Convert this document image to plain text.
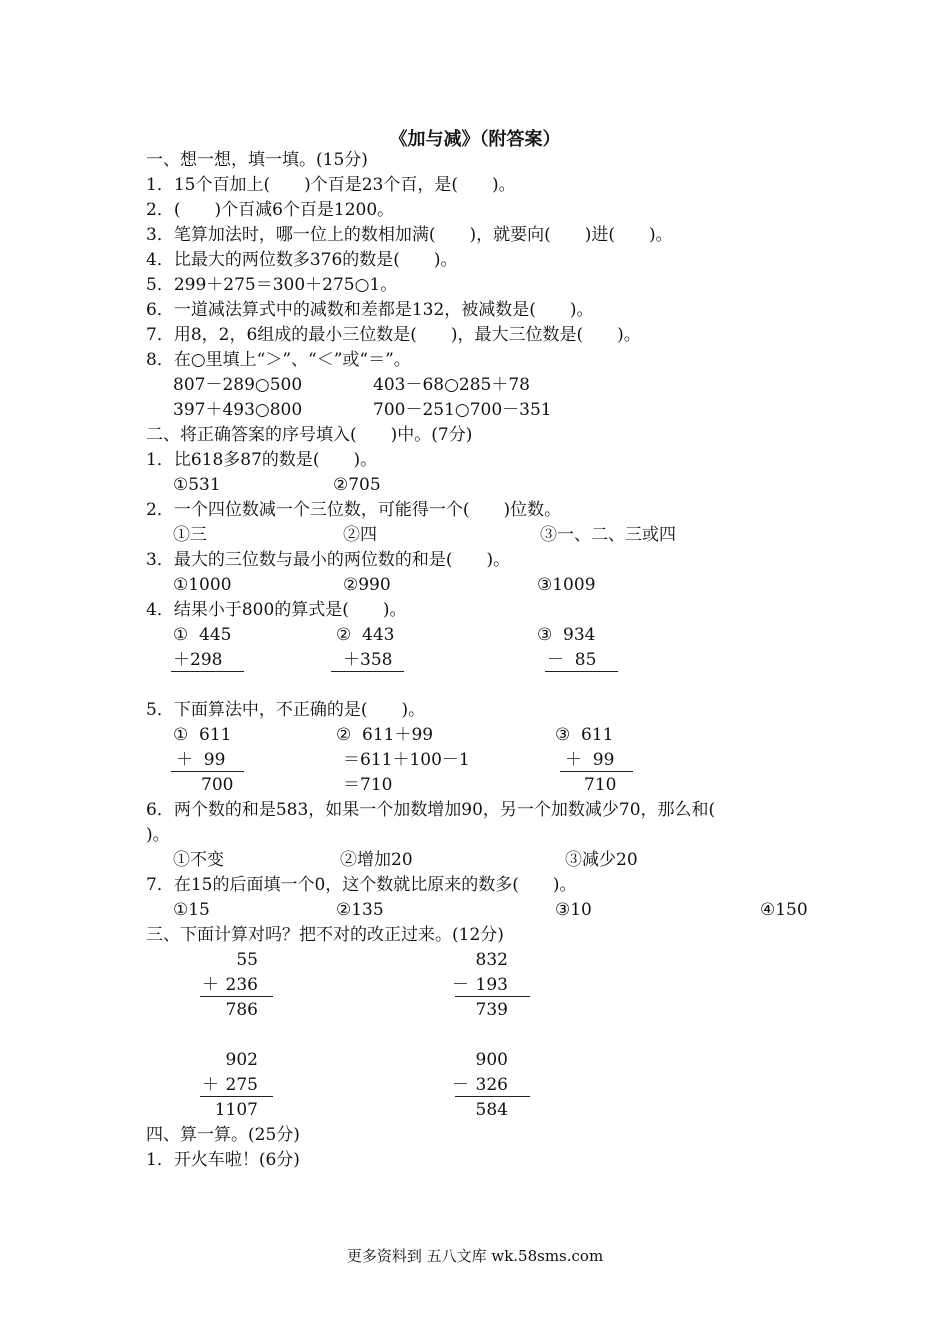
《加与减》（附答案）
一、想一想，填一填。(15分)
1．15个百加上(　　)个百是23个百，是(　　)。
2．(　　)个百减6个百是1200。
3．笔算加法时，哪一位上的数相加满(　　)，就要向(　　)进(　　)。
4．比最大的两位数多376的数是(　　)。
5．299＋275＝300＋275○1。
6．一道减法算式中的减数和差都是132，被减数是(　　)。
7．用8，2，6组成的最小三位数是(　　)，最大三位数是(　　)。
8．在○里填上“＞”、“＜”或“＝”。
807－289○500	403－68○285＋78
397＋493○800	700－251○700－351
二、将正确答案的序号填入(　　)中。(7分)
1．比618多87的数是(　　)。
①531	②705
2．一个四位数减一个三位数，可能得一个(　　)位数。
①三	②四	③一、二、三或四
3．最大的三位数与最小的两位数的和是(　　)。
①1000	②990	③1009
4．结果小于800的算式是(　　)。
①  445
＋298
②  443
＋358
③  934
－  85
5．下面算法中，不正确的是(　　)。
①  611
＋  99
700
②  611＋99
＝611＋100－1
＝710
③  611
＋  99
710
6．两个数的和是583，如果一个加数增加90，另一个加数减少70，那么和(
)。
①不变	②增加20	③减少20
7．在15的后面填一个0，这个数就比原来的数多(　　)。
①15	②135	③10	④150
三、下面计算对吗？把不对的改正过来。(12分)
55
＋ 236
786
832
－ 193
739
902
＋ 275
1107
900
－ 326
584
四、算一算。(25分)
1．开火车啦！(6分)
更多资料到 五八文库 wk.58sms.com
